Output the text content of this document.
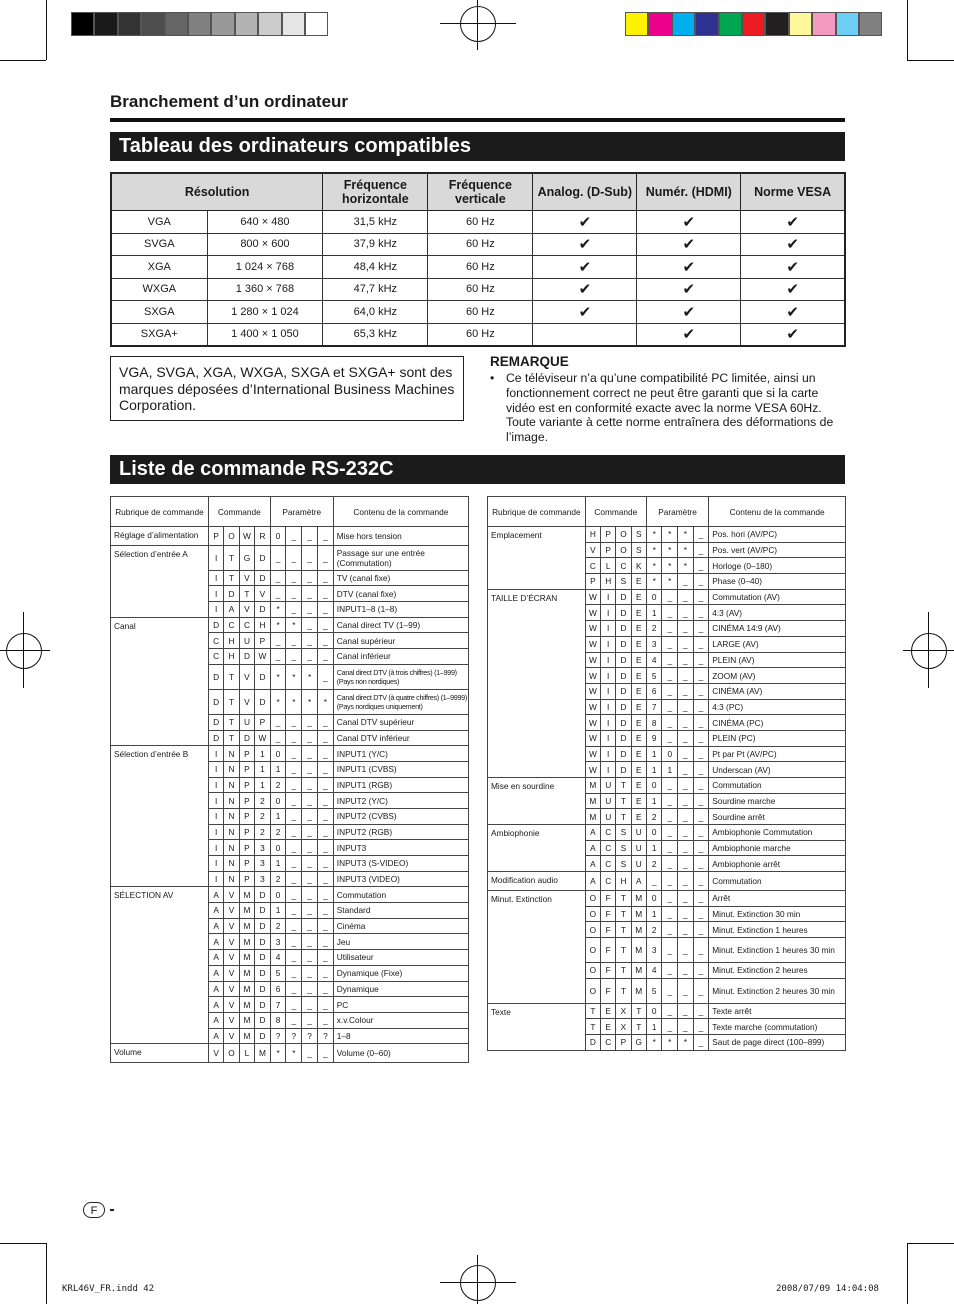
Branchement d’un ordinateur
Tableau des ordinateurs compatibles
Résolution		Fréquence horizontale	Fréquence verticale	Analog. (D-Sub)	Numér. (HDMI)	Norme VESA
VGA	640 × 480	31,5 kHz	60 Hz	✔	✔	✔
SVGA	800 × 600	37,9 kHz	60 Hz	✔	✔	✔
XGA	1 024 × 768	48,4 kHz	60 Hz	✔	✔	✔
WXGA	1 360 × 768	47,7 kHz	60 Hz	✔	✔	✔
SXGA	1 280 × 1 024	64,0 kHz	60 Hz	✔	✔	✔
SXGA+	1 400 × 1 050	65,3 kHz	60 Hz		✔	✔
VGA, SVGA, XGA, WXGA, SXGA et SXGA+ sont des marques déposées d’International Business Machines Corporation.
REMARQUE
• Ce téléviseur n’a qu’une compatibilité PC limitée, ainsi un fonctionnement correct ne peut être garanti que si la carte vidéo est en conformité exacte avec la norme VESA 60Hz. Toute variante à cette norme entraînera des déformations de l’image.
Liste de commande RS-232C
Rubrique de commande	Commande				Paramètre				Contenu de la commande
Réglage d’alimentation	P	O	W	R	0	_	_	_	Mise hors tension
Sélection d’entrée A	I	T	G	D	_	_	_	_	Passage sur une entrée (Commutation)
	I	T	V	D	_	_	_	_	TV (canal fixe)
	I	D	T	V	_	_	_	_	DTV (canal fixe)
	I	A	V	D	*	_	_	_	INPUT1–8 (1–8)
Canal	D	C	C	H	*	*	_	_	Canal direct TV (1–99)
	C	H	U	P	_	_	_	_	Canal supérieur
	C	H	D	W	_	_	_	_	Canal inférieur
	D	T	V	D	*	*	*	_	Canal direct DTV (à trois chiffres) (1–999) (Pays non nordiques)
	D	T	V	D	*	*	*	*	Canal direct DTV (à quatre chiffres) (1–9999) (Pays nordiques uniquement)
	D	T	U	P	_	_	_	_	Canal DTV supérieur
	D	T	D	W	_	_	_	_	Canal DTV inférieur
Sélection d’entrée B	I	N	P	1	0	_	_	_	INPUT1 (Y/C)
	I	N	P	1	1	_	_	_	INPUT1 (CVBS)
	I	N	P	1	2	_	_	_	INPUT1 (RGB)
	I	N	P	2	0	_	_	_	INPUT2 (Y/C)
	I	N	P	2	1	_	_	_	INPUT2 (CVBS)
	I	N	P	2	2	_	_	_	INPUT2 (RGB)
	I	N	P	3	0	_	_	_	INPUT3
	I	N	P	3	1	_	_	_	INPUT3 (S-VIDEO)
	I	N	P	3	2	_	_	_	INPUT3 (VIDEO)
SÉLECTION AV	A	V	M	D	0	_	_	_	Commutation
	A	V	M	D	1	_	_	_	Standard
	A	V	M	D	2	_	_	_	Cinéma
	A	V	M	D	3	_	_	_	Jeu
	A	V	M	D	4	_	_	_	Utilisateur
	A	V	M	D	5	_	_	_	Dynamique (Fixe)
	A	V	M	D	6	_	_	_	Dynamique
	A	V	M	D	7	_	_	_	PC
	A	V	M	D	8	_	_	_	x.v.Colour
	A	V	M	D	?	?	?	?	1–8
Volume	V	O	L	M	*	*	_	_	Volume (0–60)
Rubrique de commande	Commande				Paramètre				Contenu de la commande
Emplacement	H	P	O	S	*	*	*	_	Pos. hori (AV/PC)
	V	P	O	S	*	*	*	_	Pos. vert (AV/PC)
	C	L	C	K	*	*	*	_	Horloge (0–180)
	P	H	S	E	*	*	_	_	Phase (0–40)
TAILLE D’ÉCRAN	W	I	D	E	0	_	_	_	Commutation (AV)
	W	I	D	E	1	_	_	_	4:3 (AV)
	W	I	D	E	2	_	_	_	CINÉMA 14:9 (AV)
	W	I	D	E	3	_	_	_	LARGE (AV)
	W	I	D	E	4	_	_	_	PLEIN (AV)
	W	I	D	E	5	_	_	_	ZOOM (AV)
	W	I	D	E	6	_	_	_	CINÉMA (AV)
	W	I	D	E	7	_	_	_	4:3 (PC)
	W	I	D	E	8	_	_	_	CINÉMA (PC)
	W	I	D	E	9	_	_	_	PLEIN (PC)
	W	I	D	E	1	0	_	_	Pt par Pt (AV/PC)
	W	I	D	E	1	1	_	_	Underscan (AV)
Mise en sourdine	M	U	T	E	0	_	_	_	Commutation
	M	U	T	E	1	_	_	_	Sourdine marche
	M	U	T	E	2	_	_	_	Sourdine arrêt
Ambiophonie	A	C	S	U	0	_	_	_	Ambiophonie Commutation
	A	C	S	U	1	_	_	_	Ambiophonie marche
	A	C	S	U	2	_	_	_	Ambiophonie arrêt
Modification audio	A	C	H	A	_	_	_	_	Commutation
Minut. Extinction	O	F	T	M	0	_	_	_	Arrêt
	O	F	T	M	1	_	_	_	Minut. Extinction 30 min
	O	F	T	M	2	_	_	_	Minut. Extinction 1 heures
	O	F	T	M	3	_	_	_	Minut. Extinction 1 heures 30 min
	O	F	T	M	4	_	_	_	Minut. Extinction 2 heures
	O	F	T	M	5	_	_	_	Minut. Extinction 2 heures 30 min
Texte	T	E	X	T	0	_	_	_	Texte arrêt
	T	E	X	T	1	_	_	_	Texte marche (commutation)
	D	C	P	G	*	*	*	_	Saut de page direct (100–899)
F
KRL46V_FR.indd 42	2008/07/09 14:04:08
